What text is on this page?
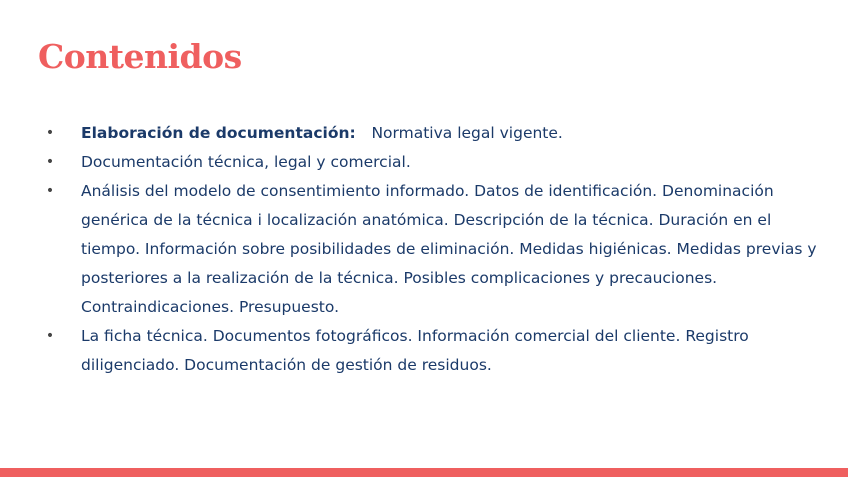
Contenidos
• Elaboración de documentación:   Normativa legal vigente.
• Documentación técnica, legal y comercial.
• Análisis del modelo de consentimiento informado. Datos de identificación. Denominación genérica de la técnica i localización anatómica. Descripción de la técnica. Duración en el tiempo. Información sobre posibilidades de eliminación. Medidas higiénicas. Medidas previas y posteriores a la realización de la técnica. Posibles complicaciones y precauciones. Contraindicaciones. Presupuesto.
• La ficha técnica. Documentos fotográficos. Información comercial del cliente. Registro diligenciado. Documentación de gestión de residuos.
